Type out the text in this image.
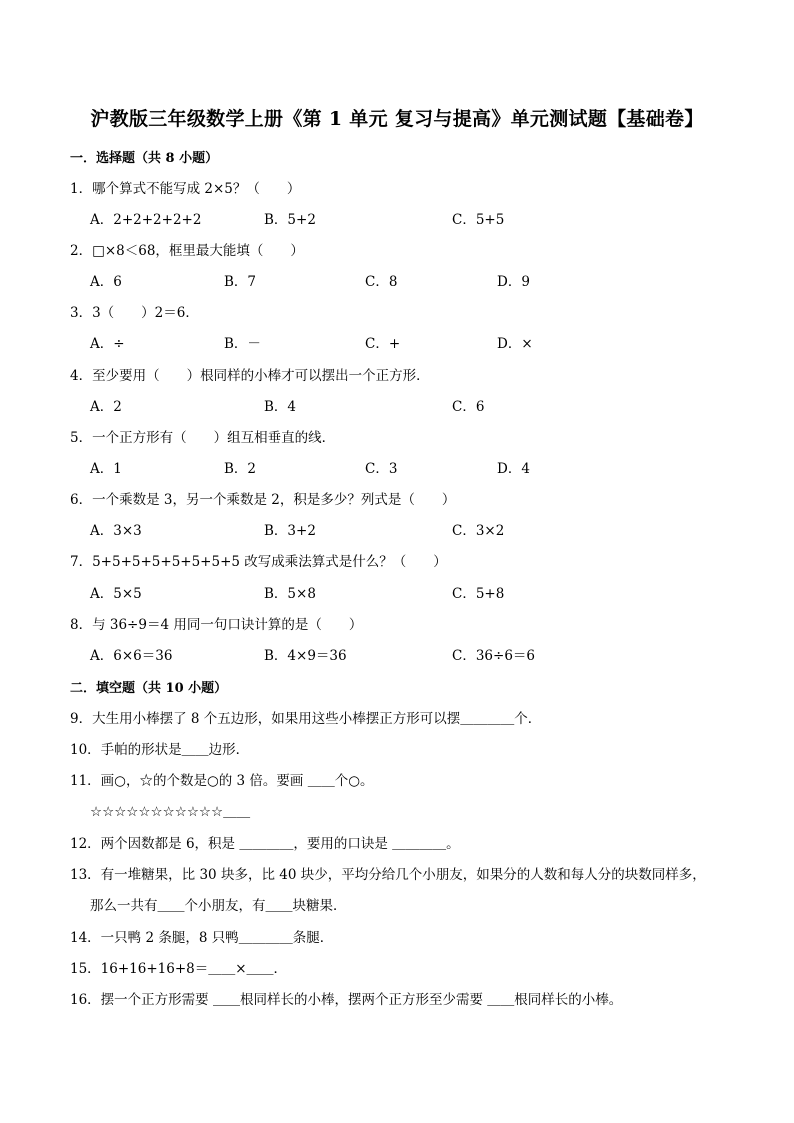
沪教版三年级数学上册《第 1 单元 复习与提高》单元测试题【基础卷】
一．选择题（共 8 小题）
1．哪个算式不能写成 2×5？（　　）
A．2+2+2+2+2	B．5+2	C．5+5
2．□×8＜68，框里最大能填（　　）
A．6	B．7	C．8	D．9
3．3（　　）2＝6．
A．÷	B．－	C．+	D．×
4．至少要用（　　）根同样的小棒才可以摆出一个正方形．
A．2	B．4	C．6
5．一个正方形有（　　）组互相垂直的线．
A．1	B．2	C．3	D．4
6．一个乘数是 3，另一个乘数是 2，积是多少？列式是（　　）
A．3×3	B．3+2	C．3×2
7．5+5+5+5+5+5+5+5 改写成乘法算式是什么？（　　）
A．5×5	B．5×8	C．5+8
8．与 36÷9＝4 用同一句口诀计算的是（　　）
A．6×6＝36	B．4×9＝36	C．36÷6＝6
二．填空题（共 10 小题）
9．大生用小棒摆了 8 个五边形，如果用这些小棒摆正方形可以摆＿＿＿＿个．
10．手帕的形状是＿＿边形．
11．画○，☆的个数是○的 3 倍。要画 ＿＿个○。
☆☆☆☆☆☆☆☆☆☆☆＿＿
12．两个因数都是 6，积是 ＿＿＿＿，要用的口诀是 ＿＿＿＿。
13．有一堆糖果，比 30 块多，比 40 块少，平均分给几个小朋友，如果分的人数和每人分的块数同样多，
那么一共有＿＿个小朋友，有＿＿块糖果．
14．一只鸭 2 条腿，8 只鸭＿＿＿＿条腿．
15．16+16+16+8＝＿＿×＿＿．
16．摆一个正方形需要 ＿＿根同样长的小棒，摆两个正方形至少需要 ＿＿根同样长的小棒。
